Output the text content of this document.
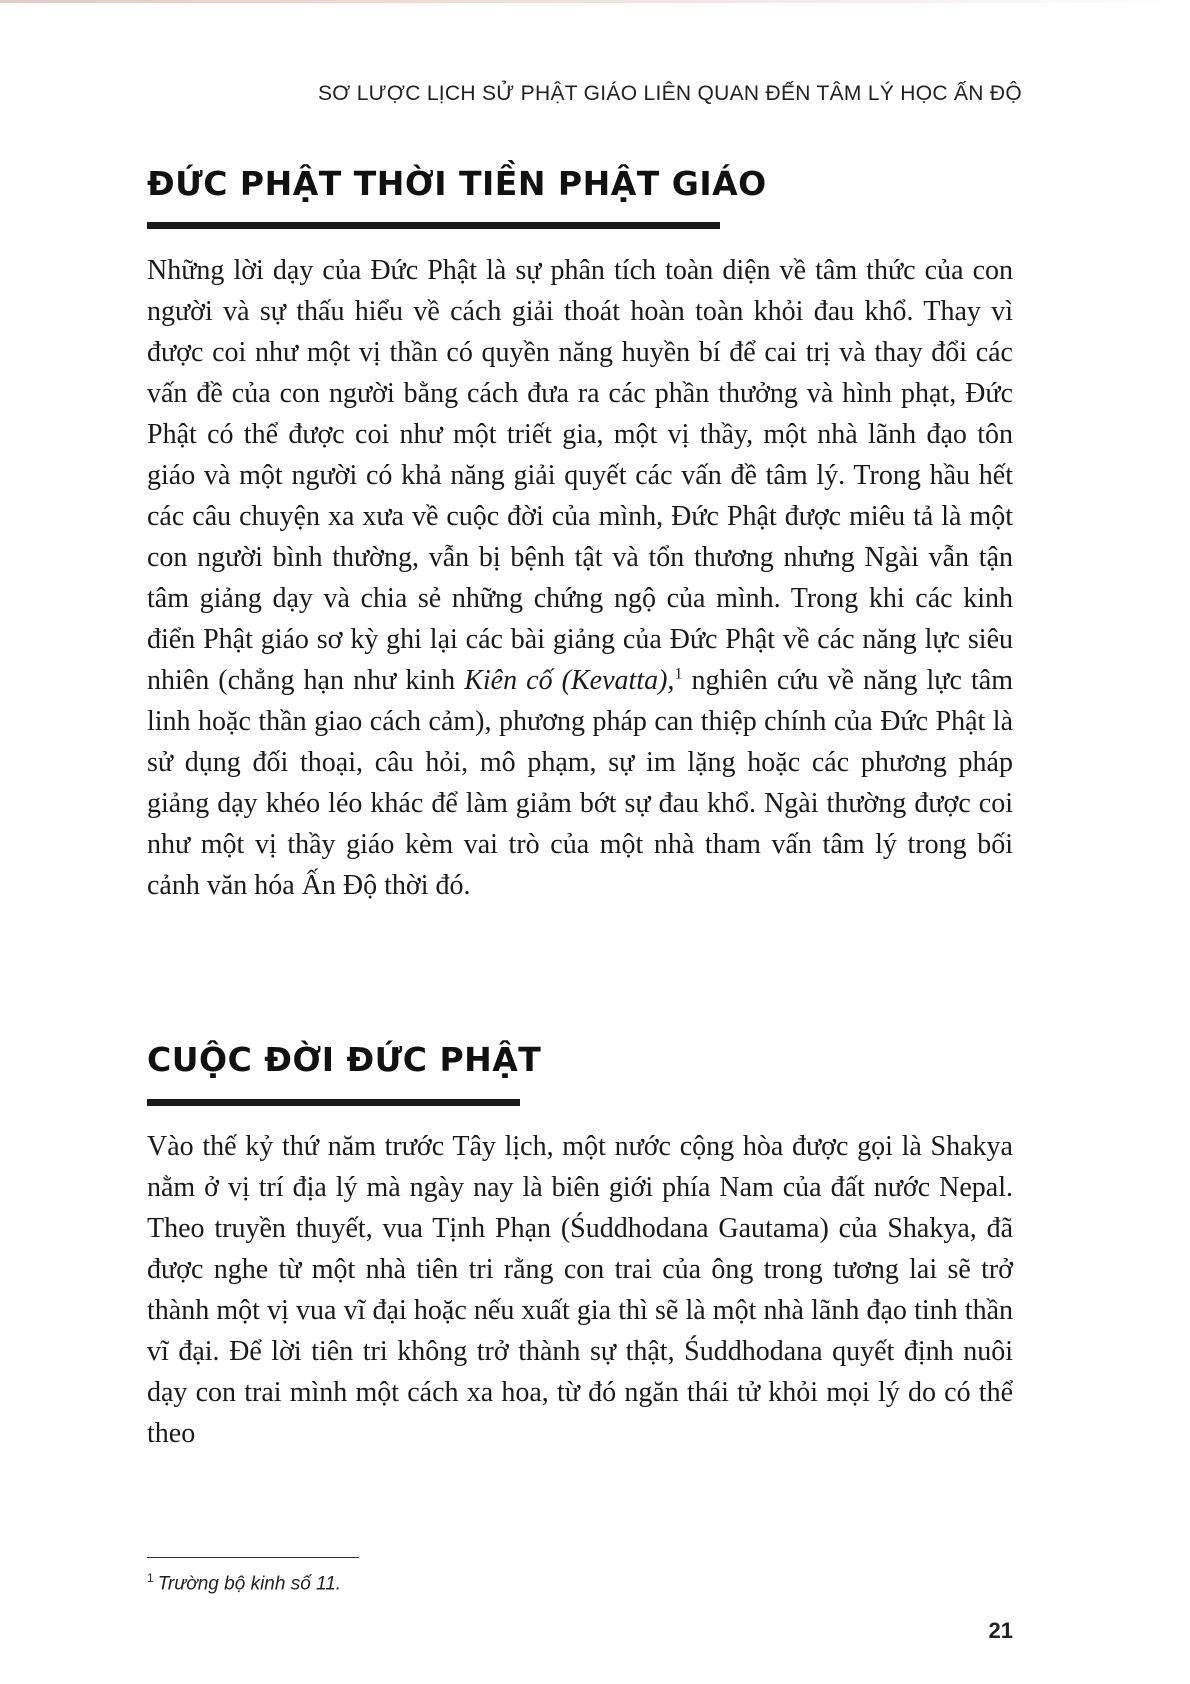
SƠ LƯỢC LỊCH SỬ PHẬT GIÁO LIÊN QUAN ĐẾN TÂM LÝ HỌC ẤN ĐỘ
ĐỨC PHẬT THỜI TIỀN PHẬT GIÁO

Những lời dạy của Đức Phật là sự phân tích toàn diện về tâm thức của con người và sự thấu hiểu về cách giải thoát hoàn toàn khỏi đau khổ. Thay vì được coi như một vị thần có quyền năng huyền bí để cai trị và thay đổi các vấn đề của con người bằng cách đưa ra các phần thưởng và hình phạt, Đức Phật có thể được coi như một triết gia, một vị thầy, một nhà lãnh đạo tôn giáo và một người có khả năng giải quyết các vấn đề tâm lý. Trong hầu hết các câu chuyện xa xưa về cuộc đời của mình, Đức Phật được miêu tả là một con người bình thường, vẫn bị bệnh tật và tổn thương nhưng Ngài vẫn tận tâm giảng dạy và chia sẻ những chứng ngộ của mình. Trong khi các kinh điển Phật giáo sơ kỳ ghi lại các bài giảng của Đức Phật về các năng lực siêu nhiên (chẳng hạn như kinh Kiên cố (Kevatta),$^1$ nghiên cứu về năng lực tâm linh hoặc thần giao cách cảm), phương pháp can thiệp chính của Đức Phật là sử dụng đối thoại, câu hỏi, mô phạm, sự im lặng hoặc các phương pháp giảng dạy khéo léo khác để làm giảm bớt sự đau khổ. Ngài thường được coi như một vị thầy giáo kèm vai trò của một nhà tham vấn tâm lý trong bối cảnh văn hóa Ấn Độ thời đó.

CUỘC ĐỜI ĐỨC PHẬT

Vào thế kỷ thứ năm trước Tây lịch, một nước cộng hòa được gọi là Shakya nằm ở vị trí địa lý mà ngày nay là biên giới phía Nam của đất nước Nepal. Theo truyền thuyết, vua Tịnh Phạn (Śuddhodana Gautama) của Shakya, đã được nghe từ một nhà tiên tri rằng con trai của ông trong tương lai sẽ trở thành một vị vua vĩ đại hoặc nếu xuất gia thì sẽ là một nhà lãnh đạo tinh thần vĩ đại. Để lời tiên tri không trở thành sự thật, Śuddhodana quyết định nuôi dạy con trai mình một cách xa hoa, từ đó ngăn thái tử khỏi mọi lý do có thể theo

$^1$ Trường bộ kinh số 11.
21
